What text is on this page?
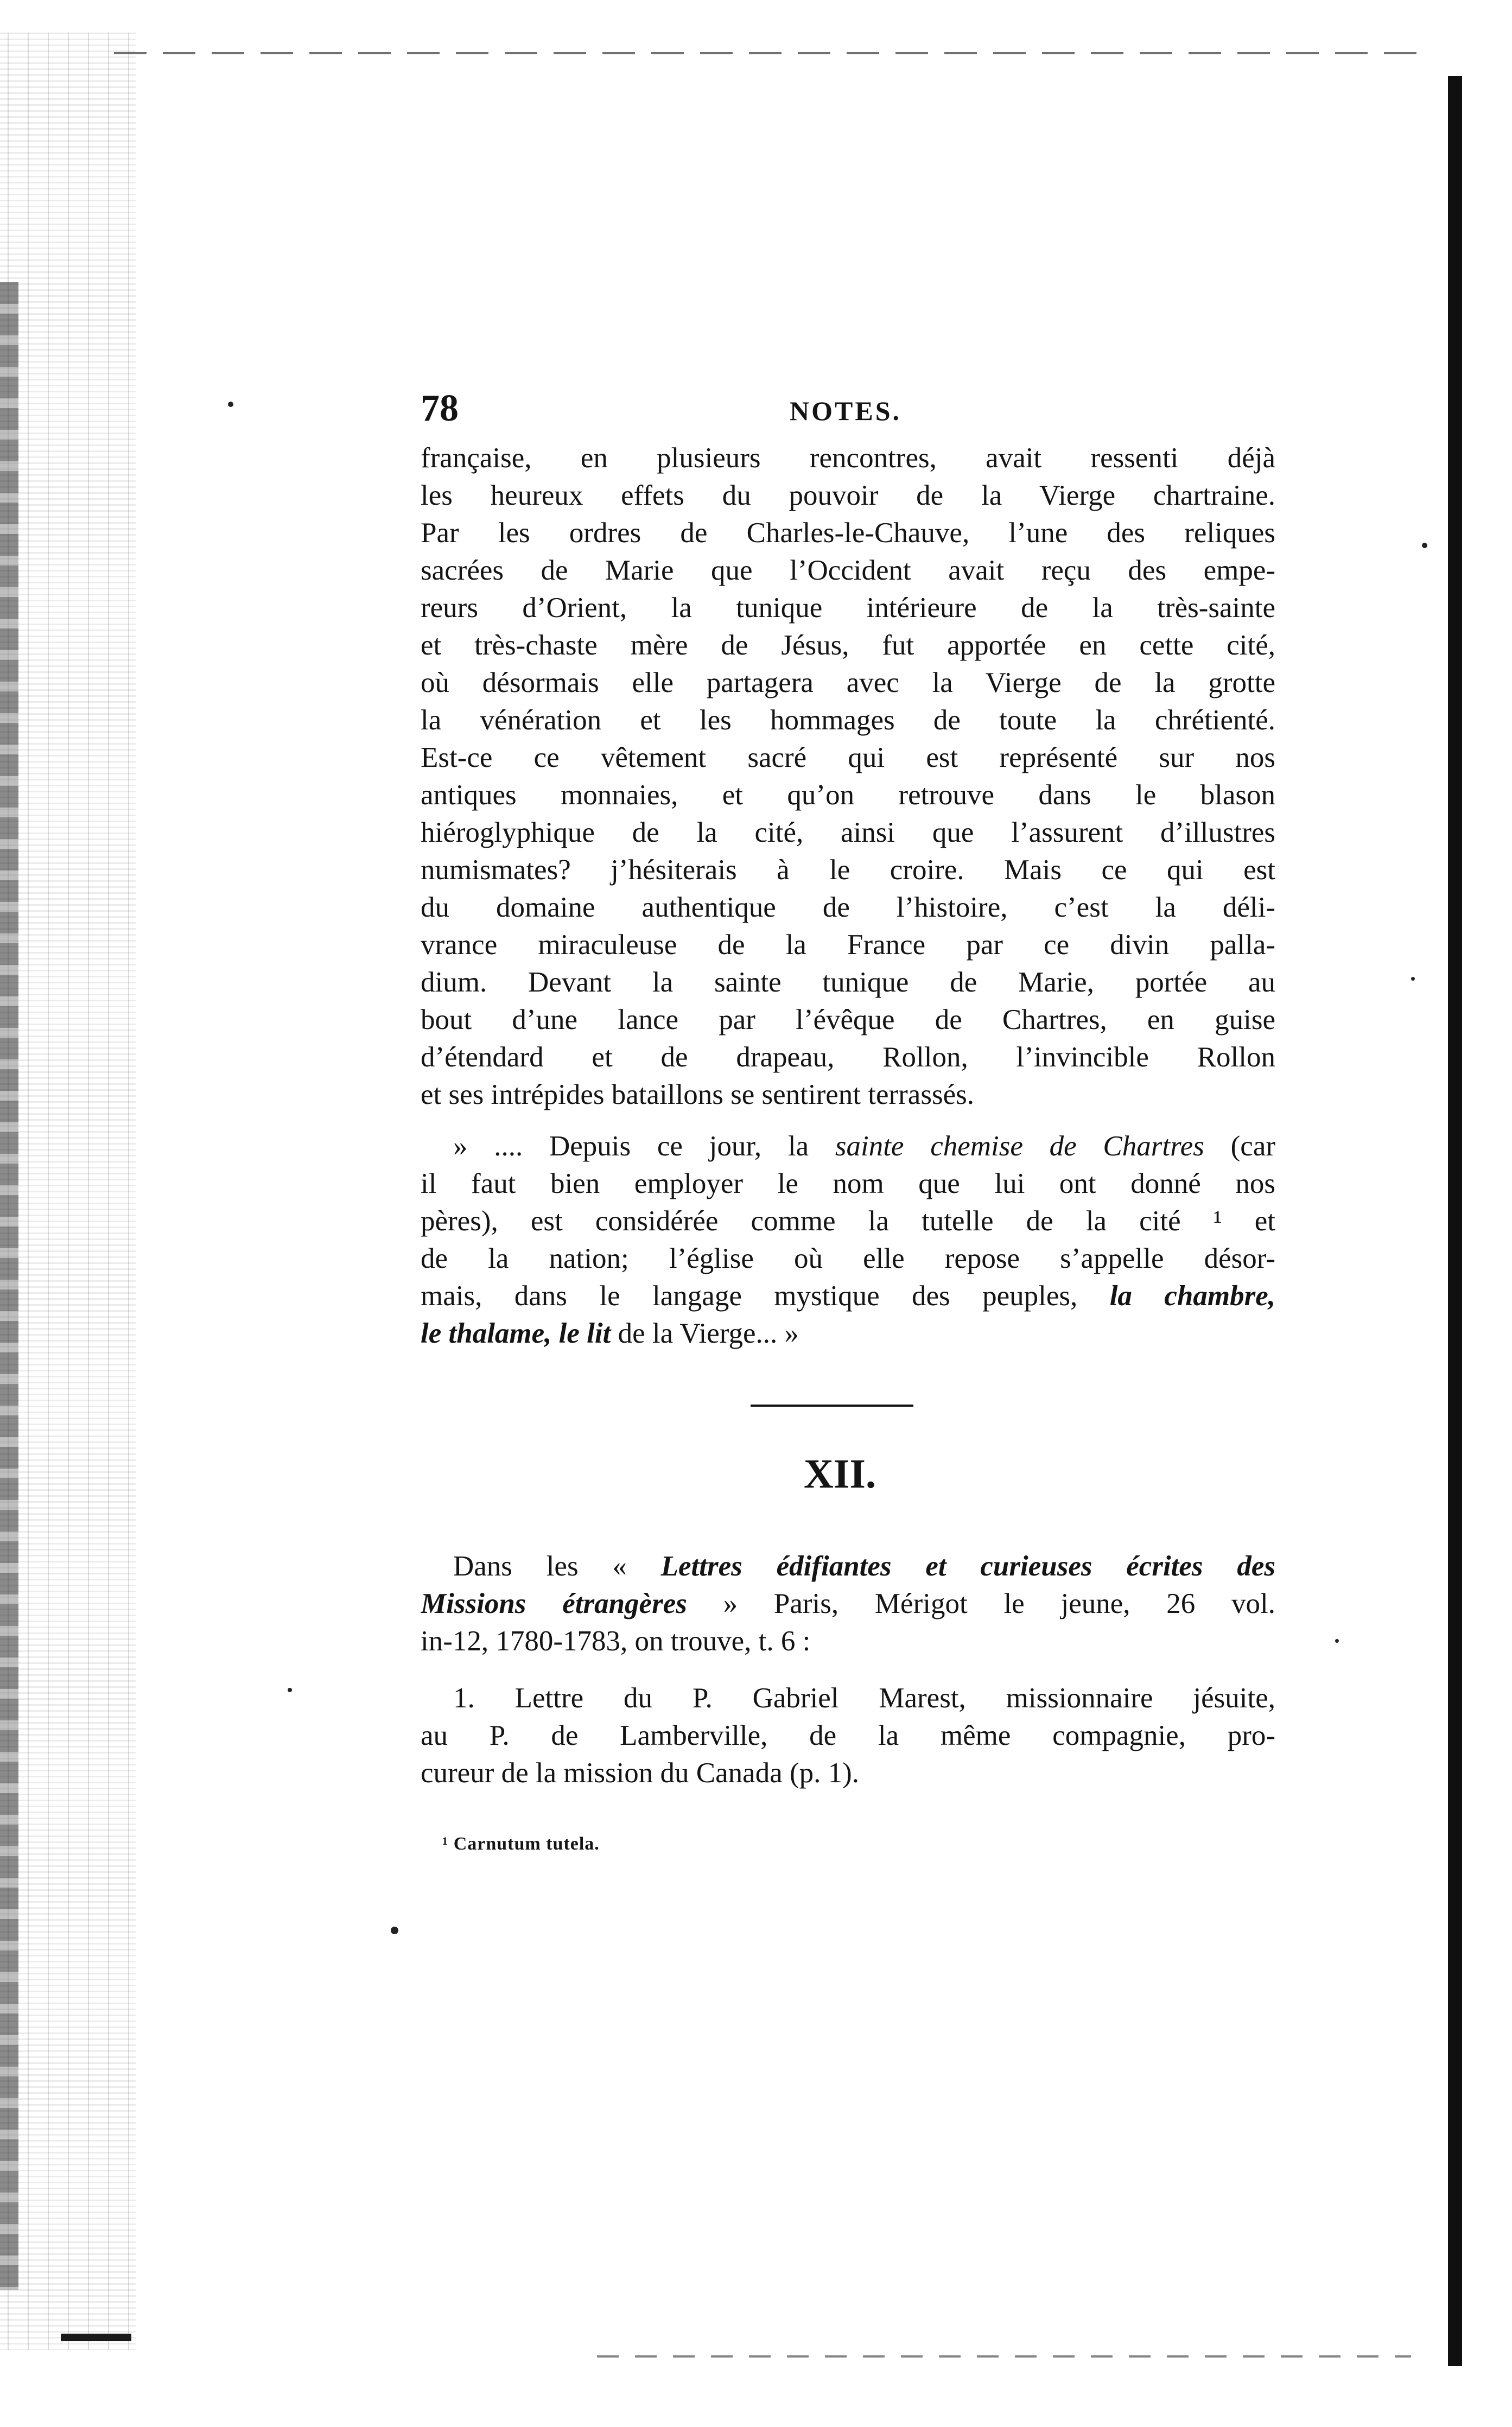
78	NOTES.
française, en plusieurs rencontres, avait ressenti déjà
les heureux effets du pouvoir de la Vierge chartraine.
Par les ordres de Charles-le-Chauve, l’une des reliques
sacrées de Marie que l’Occident avait reçu des empe-
reurs d’Orient, la tunique intérieure de la très-sainte
et très-chaste mère de Jésus, fut apportée en cette cité,
où désormais elle partagera avec la Vierge de la grotte
la vénération et les hommages de toute la chrétienté.
Est-ce ce vêtement sacré qui est représenté sur nos
antiques monnaies, et qu’on retrouve dans le blason
hiéroglyphique de la cité, ainsi que l’assurent d’illustres
numismates? j’hésiterais à le croire. Mais ce qui est
du domaine authentique de l’histoire, c’est la déli-
vrance miraculeuse de la France par ce divin palla-
dium. Devant la sainte tunique de Marie, portée au
bout d’une lance par l’évêque de Chartres, en guise
d’étendard et de drapeau, Rollon, l’invincible Rollon
et ses intrépides bataillons se sentirent terrassés.
» .... Depuis ce jour, la sainte chemise de Chartres (car
il faut bien employer le nom que lui ont donné nos
pères), est considérée comme la tutelle de la cité ¹ et
de la nation; l’église où elle repose s’appelle désor-
mais, dans le langage mystique des peuples, la chambre,
le thalame, le lit de la Vierge... »
XII.
Dans les « Lettres édifiantes et curieuses écrites des
Missions étrangères » Paris, Mérigot le jeune, 26 vol.
in-12, 1780-1783, on trouve, t. 6 :
1. Lettre du P. Gabriel Marest, missionnaire jésuite,
au P. de Lamberville, de la même compagnie, pro-
cureur de la mission du Canada (p. 1).
¹ Carnutum tutela.
